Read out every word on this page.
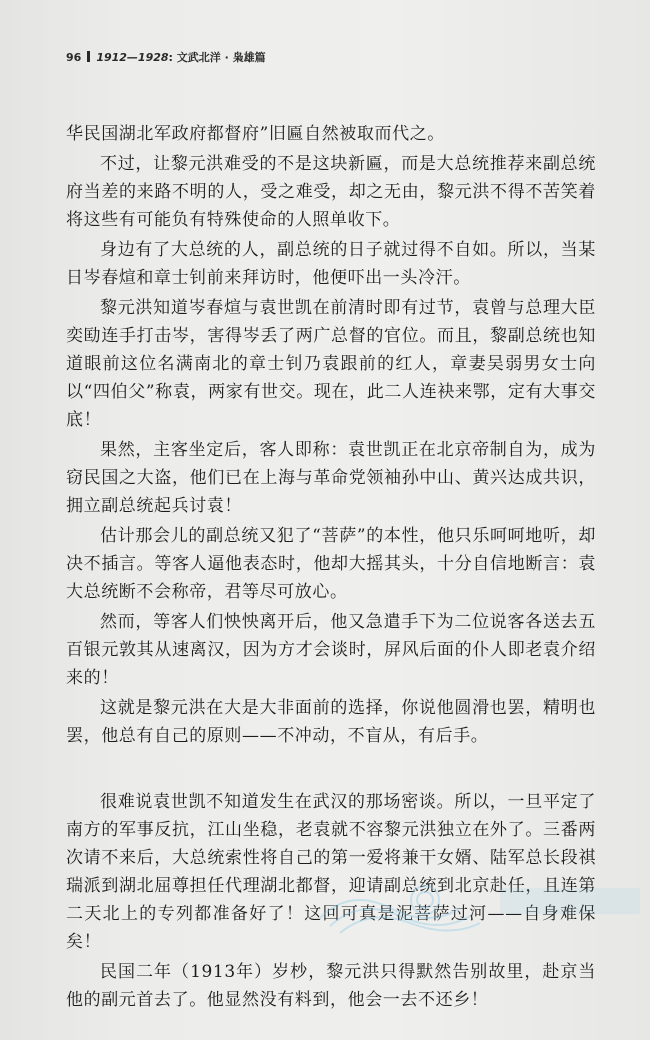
96 1912—1928: 文武北洋 · 枭雄篇

华民国湖北军政府都督府”旧匾自然被取而代之。

不过，让黎元洪难受的不是这块新匾，而是大总统推荐来副总统府当差的来路不明的人，受之难受，却之无由，黎元洪不得不苦笑着将这些有可能负有特殊使命的人照单收下。

身边有了大总统的人，副总统的日子就过得不自如。所以，当某日岑春煊和章士钊前来拜访时，他便吓出一头冷汗。

黎元洪知道岑春煊与袁世凯在前清时即有过节，袁曾与总理大臣奕劻连手打击岑，害得岑丢了两广总督的官位。而且，黎副总统也知道眼前这位名满南北的章士钊乃袁跟前的红人，章妻吴弱男女士向以“四伯父”称袁，两家有世交。现在，此二人连袂来鄂，定有大事交底！

果然，主客坐定后，客人即称：袁世凯正在北京帝制自为，成为窃民国之大盗，他们已在上海与革命党领袖孙中山、黄兴达成共识，拥立副总统起兵讨袁！

估计那会儿的副总统又犯了“菩萨”的本性，他只乐呵呵地听，却决不插言。等客人逼他表态时，他却大摇其头，十分自信地断言：袁大总统断不会称帝，君等尽可放心。

然而，等客人们怏怏离开后，他又急遣手下为二位说客各送去五百银元敦其从速离汉，因为方才会谈时，屏风后面的仆人即老袁介绍来的！

这就是黎元洪在大是大非面前的选择，你说他圆滑也罢，精明也罢，他总有自己的原则——不冲动，不盲从，有后手。

很难说袁世凯不知道发生在武汉的那场密谈。所以，一旦平定了南方的军事反抗，江山坐稳，老袁就不容黎元洪独立在外了。三番两次请不来后，大总统索性将自己的第一爱将兼干女婿、陆军总长段祺瑞派到湖北屈尊担任代理湖北都督，迎请副总统到北京赴任，且连第二天北上的专列都准备好了！这回可真是泥菩萨过河——自身难保矣！

民国二年（1913年）岁杪，黎元洪只得默然告别故里，赴京当他的副元首去了。他显然没有料到，他会一去不还乡！
